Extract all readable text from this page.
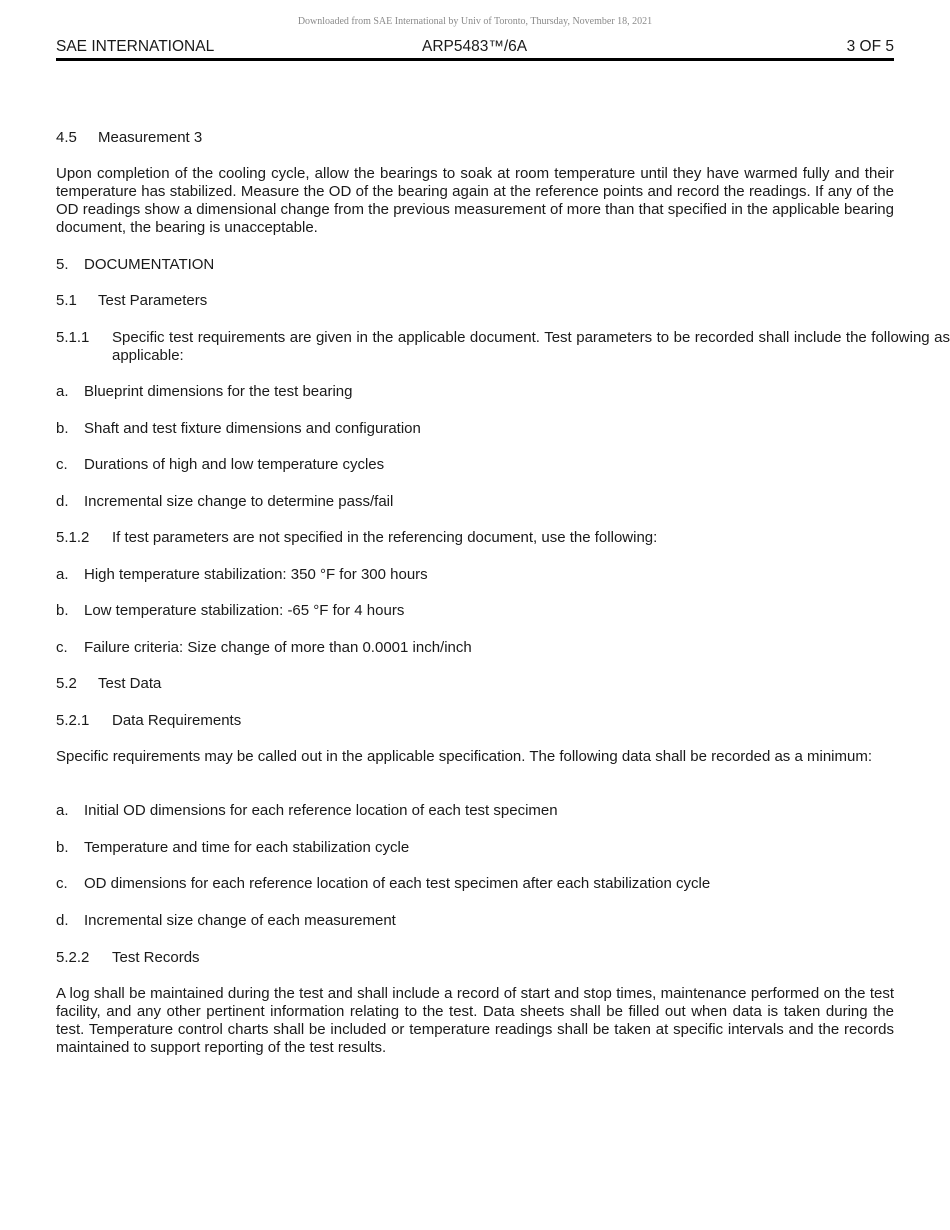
Downloaded from SAE International by Univ of Toronto, Thursday, November 18, 2021
SAE INTERNATIONAL	ARP5483™/6A	3 OF 5
4.5 Measurement 3
Upon completion of the cooling cycle, allow the bearings to soak at room temperature until they have warmed fully and their temperature has stabilized. Measure the OD of the bearing again at the reference points and record the readings. If any of the OD readings show a dimensional change from the previous measurement of more than that specified in the applicable bearing document, the bearing is unacceptable.
5. DOCUMENTATION
5.1 Test Parameters
5.1.1 Specific test requirements are given in the applicable document. Test parameters to be recorded shall include the following as applicable:
a. Blueprint dimensions for the test bearing
b. Shaft and test fixture dimensions and configuration
c. Durations of high and low temperature cycles
d. Incremental size change to determine pass/fail
5.1.2 If test parameters are not specified in the referencing document, use the following:
a. High temperature stabilization: 350 °F for 300 hours
b. Low temperature stabilization: -65 °F for 4 hours
c. Failure criteria: Size change of more than 0.0001 inch/inch
5.2 Test Data
5.2.1 Data Requirements
Specific requirements may be called out in the applicable specification. The following data shall be recorded as a minimum:
a. Initial OD dimensions for each reference location of each test specimen
b. Temperature and time for each stabilization cycle
c. OD dimensions for each reference location of each test specimen after each stabilization cycle
d. Incremental size change of each measurement
5.2.2 Test Records
A log shall be maintained during the test and shall include a record of start and stop times, maintenance performed on the test facility, and any other pertinent information relating to the test. Data sheets shall be filled out when data is taken during the test. Temperature control charts shall be included or temperature readings shall be taken at specific intervals and the records maintained to support reporting of the test results.
